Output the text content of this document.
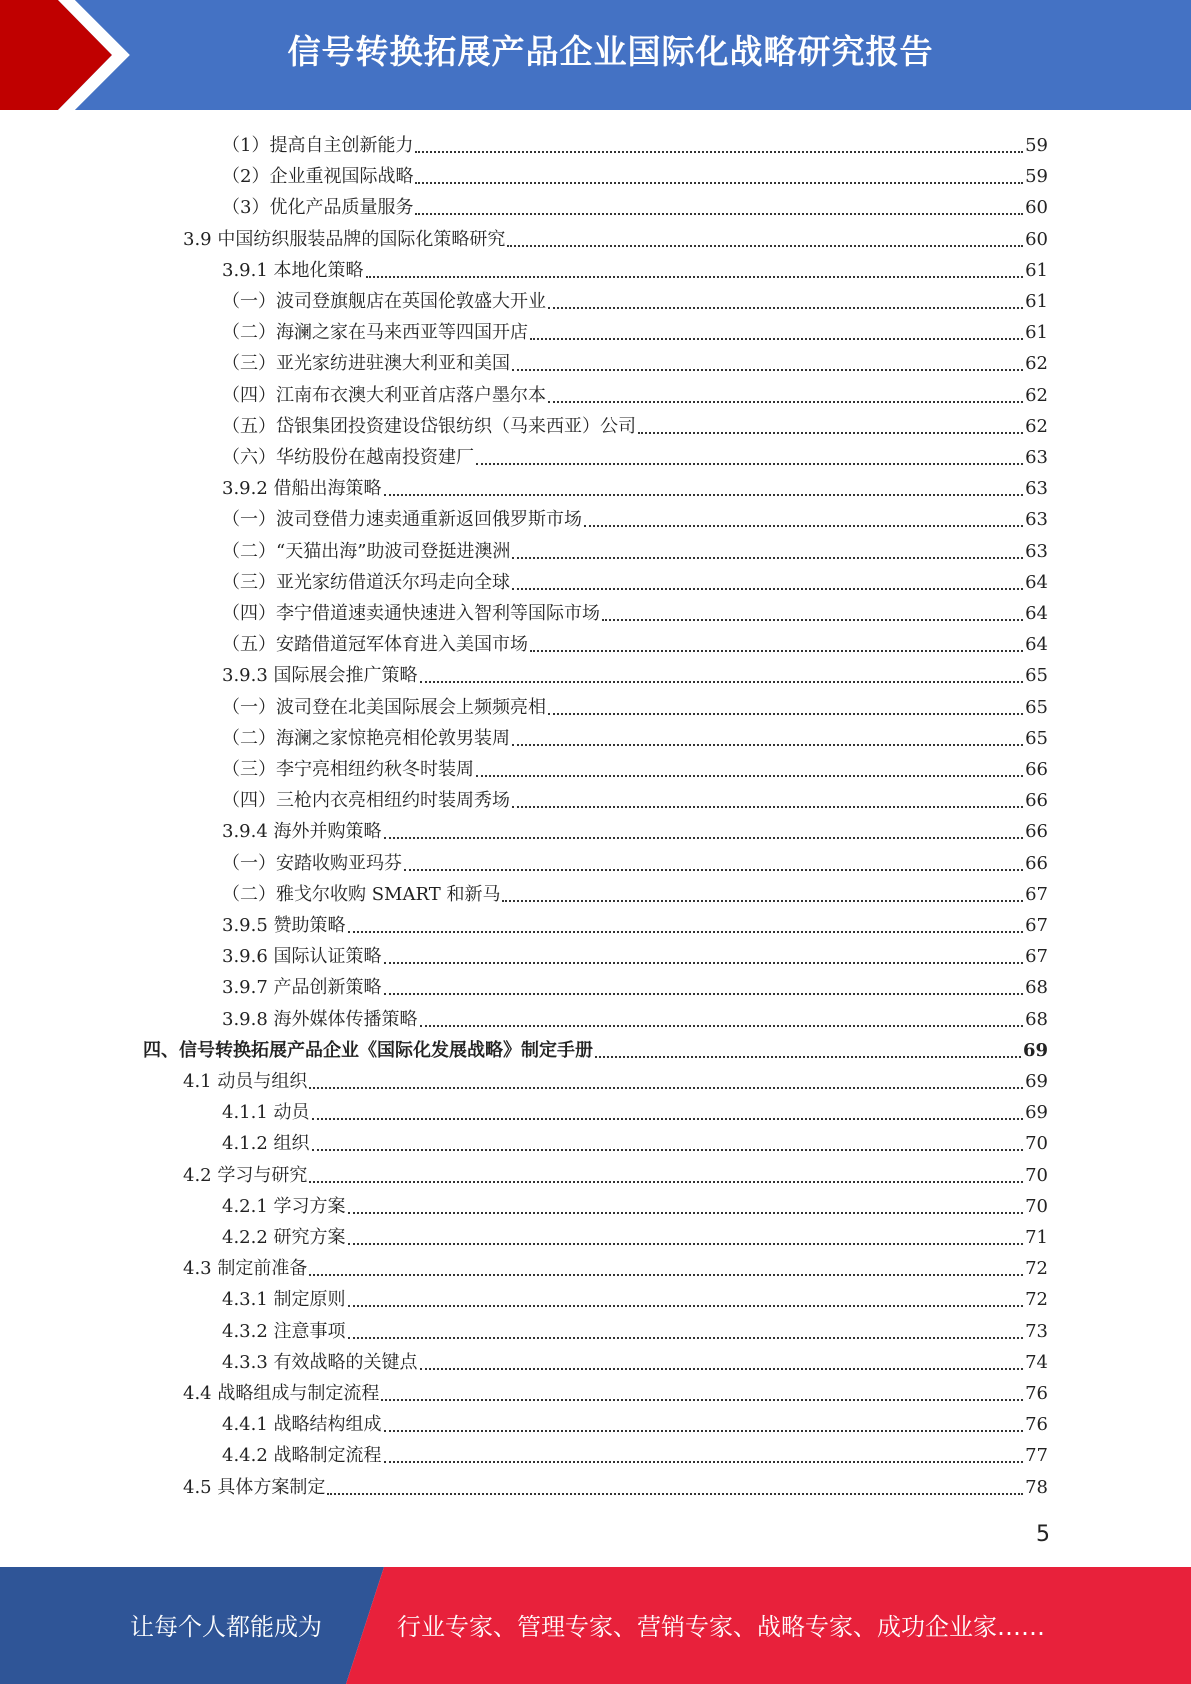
信号转换拓展产品企业国际化战略研究报告
（1）提高自主创新能力	59
（2）企业重视国际战略	59
（3）优化产品质量服务	60
3.9 中国纺织服装品牌的国际化策略研究	60
3.9.1 本地化策略	61
（一）波司登旗舰店在英国伦敦盛大开业	61
（二）海澜之家在马来西亚等四国开店	61
（三）亚光家纺进驻澳大利亚和美国	62
（四）江南布衣澳大利亚首店落户墨尔本	62
（五）岱银集团投资建设岱银纺织（马来西亚）公司	62
（六）华纺股份在越南投资建厂	63
3.9.2 借船出海策略	63
（一）波司登借力速卖通重新返回俄罗斯市场	63
（二）“天猫出海”助波司登挺进澳洲	63
（三）亚光家纺借道沃尔玛走向全球	64
（四）李宁借道速卖通快速进入智利等国际市场	64
（五）安踏借道冠军体育进入美国市场	64
3.9.3 国际展会推广策略	65
（一）波司登在北美国际展会上频频亮相	65
（二）海澜之家惊艳亮相伦敦男装周	65
（三）李宁亮相纽约秋冬时装周	66
（四）三枪内衣亮相纽约时装周秀场	66
3.9.4 海外并购策略	66
（一）安踏收购亚玛芬	66
（二）雅戈尔收购 SMART 和新马	67
3.9.5 赞助策略	67
3.9.6 国际认证策略	67
3.9.7 产品创新策略	68
3.9.8 海外媒体传播策略	68
四、信号转换拓展产品企业《国际化发展战略》制定手册	69
4.1 动员与组织	69
4.1.1 动员	69
4.1.2 组织	70
4.2 学习与研究	70
4.2.1 学习方案	70
4.2.2 研究方案	71
4.3 制定前准备	72
4.3.1 制定原则	72
4.3.2 注意事项	73
4.3.3 有效战略的关键点	74
4.4 战略组成与制定流程	76
4.4.1 战略结构组成	76
4.4.2 战略制定流程	77
4.5 具体方案制定	78
5
让每个人都能成为	行业专家、管理专家、营销专家、战略专家、成功企业家……
